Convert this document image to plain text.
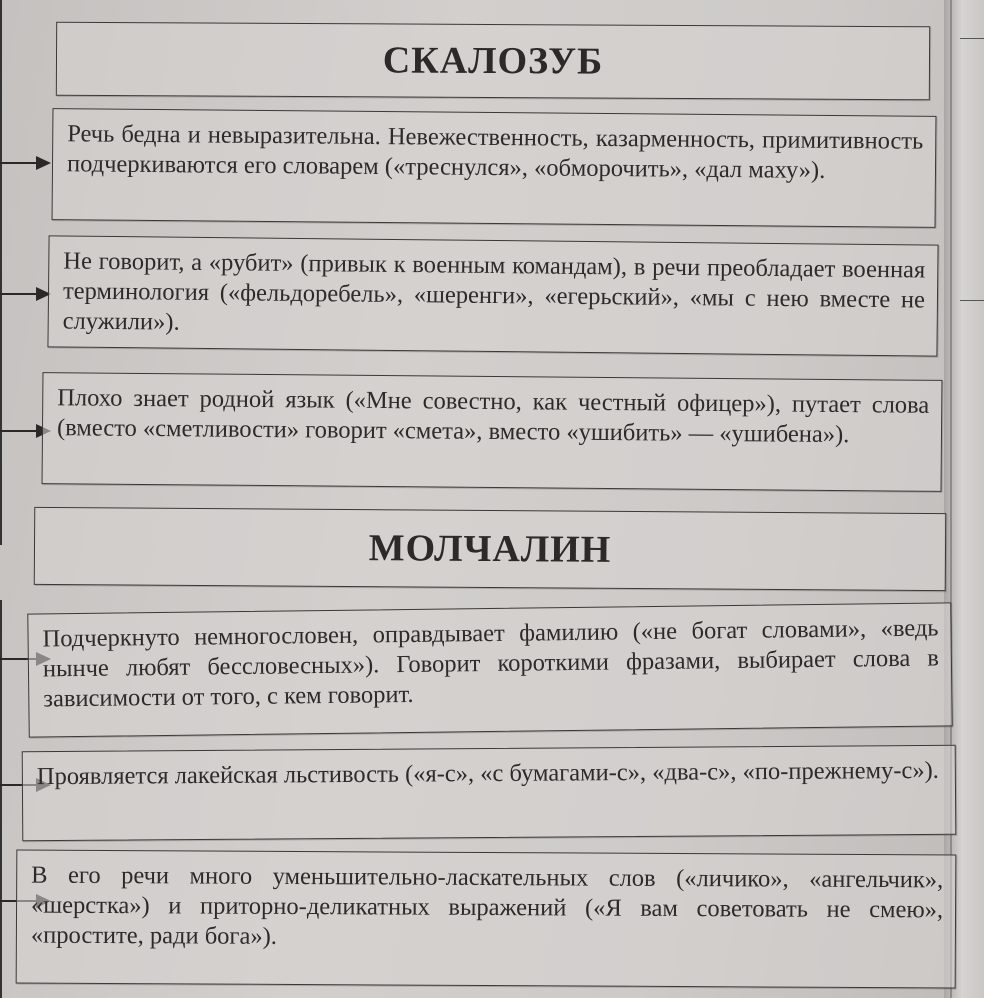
СКАЛОЗУБ

Речь бедна и невыразительна. Невежественность, казарменность, примитивность подчеркиваются его словарем («треснулся», «обморочить», «дал маху»).

Не говорит, а «рубит» (привык к военным командам), в речи преобладает военная терминология («фельдоребель», «шеренги», «егерьский», «мы с нею вместе не служили»).

Плохо знает родной язык («Мне совестно, как честный офицер»), путает слова (вместо «сметливости» говорит «смета», вместо «ушибить» — «ушибена»).

МОЛЧАЛИН

Подчеркнуто немногословен, оправдывает фамилию («не богат словами», «ведь нынче любят бессловесных»). Говорит короткими фразами, выбирает слова в зависимости от того, с кем говорит.

Проявляется лакейская льстивость («я-с», «с бумагами-с», «два-с», «по-прежнему-с»).

В его речи много уменьшительно-ласкательных слов («личико», «ангельчик», «шерстка») и приторно-деликатных выражений («Я вам советовать не смею», «простите, ради бога»).
